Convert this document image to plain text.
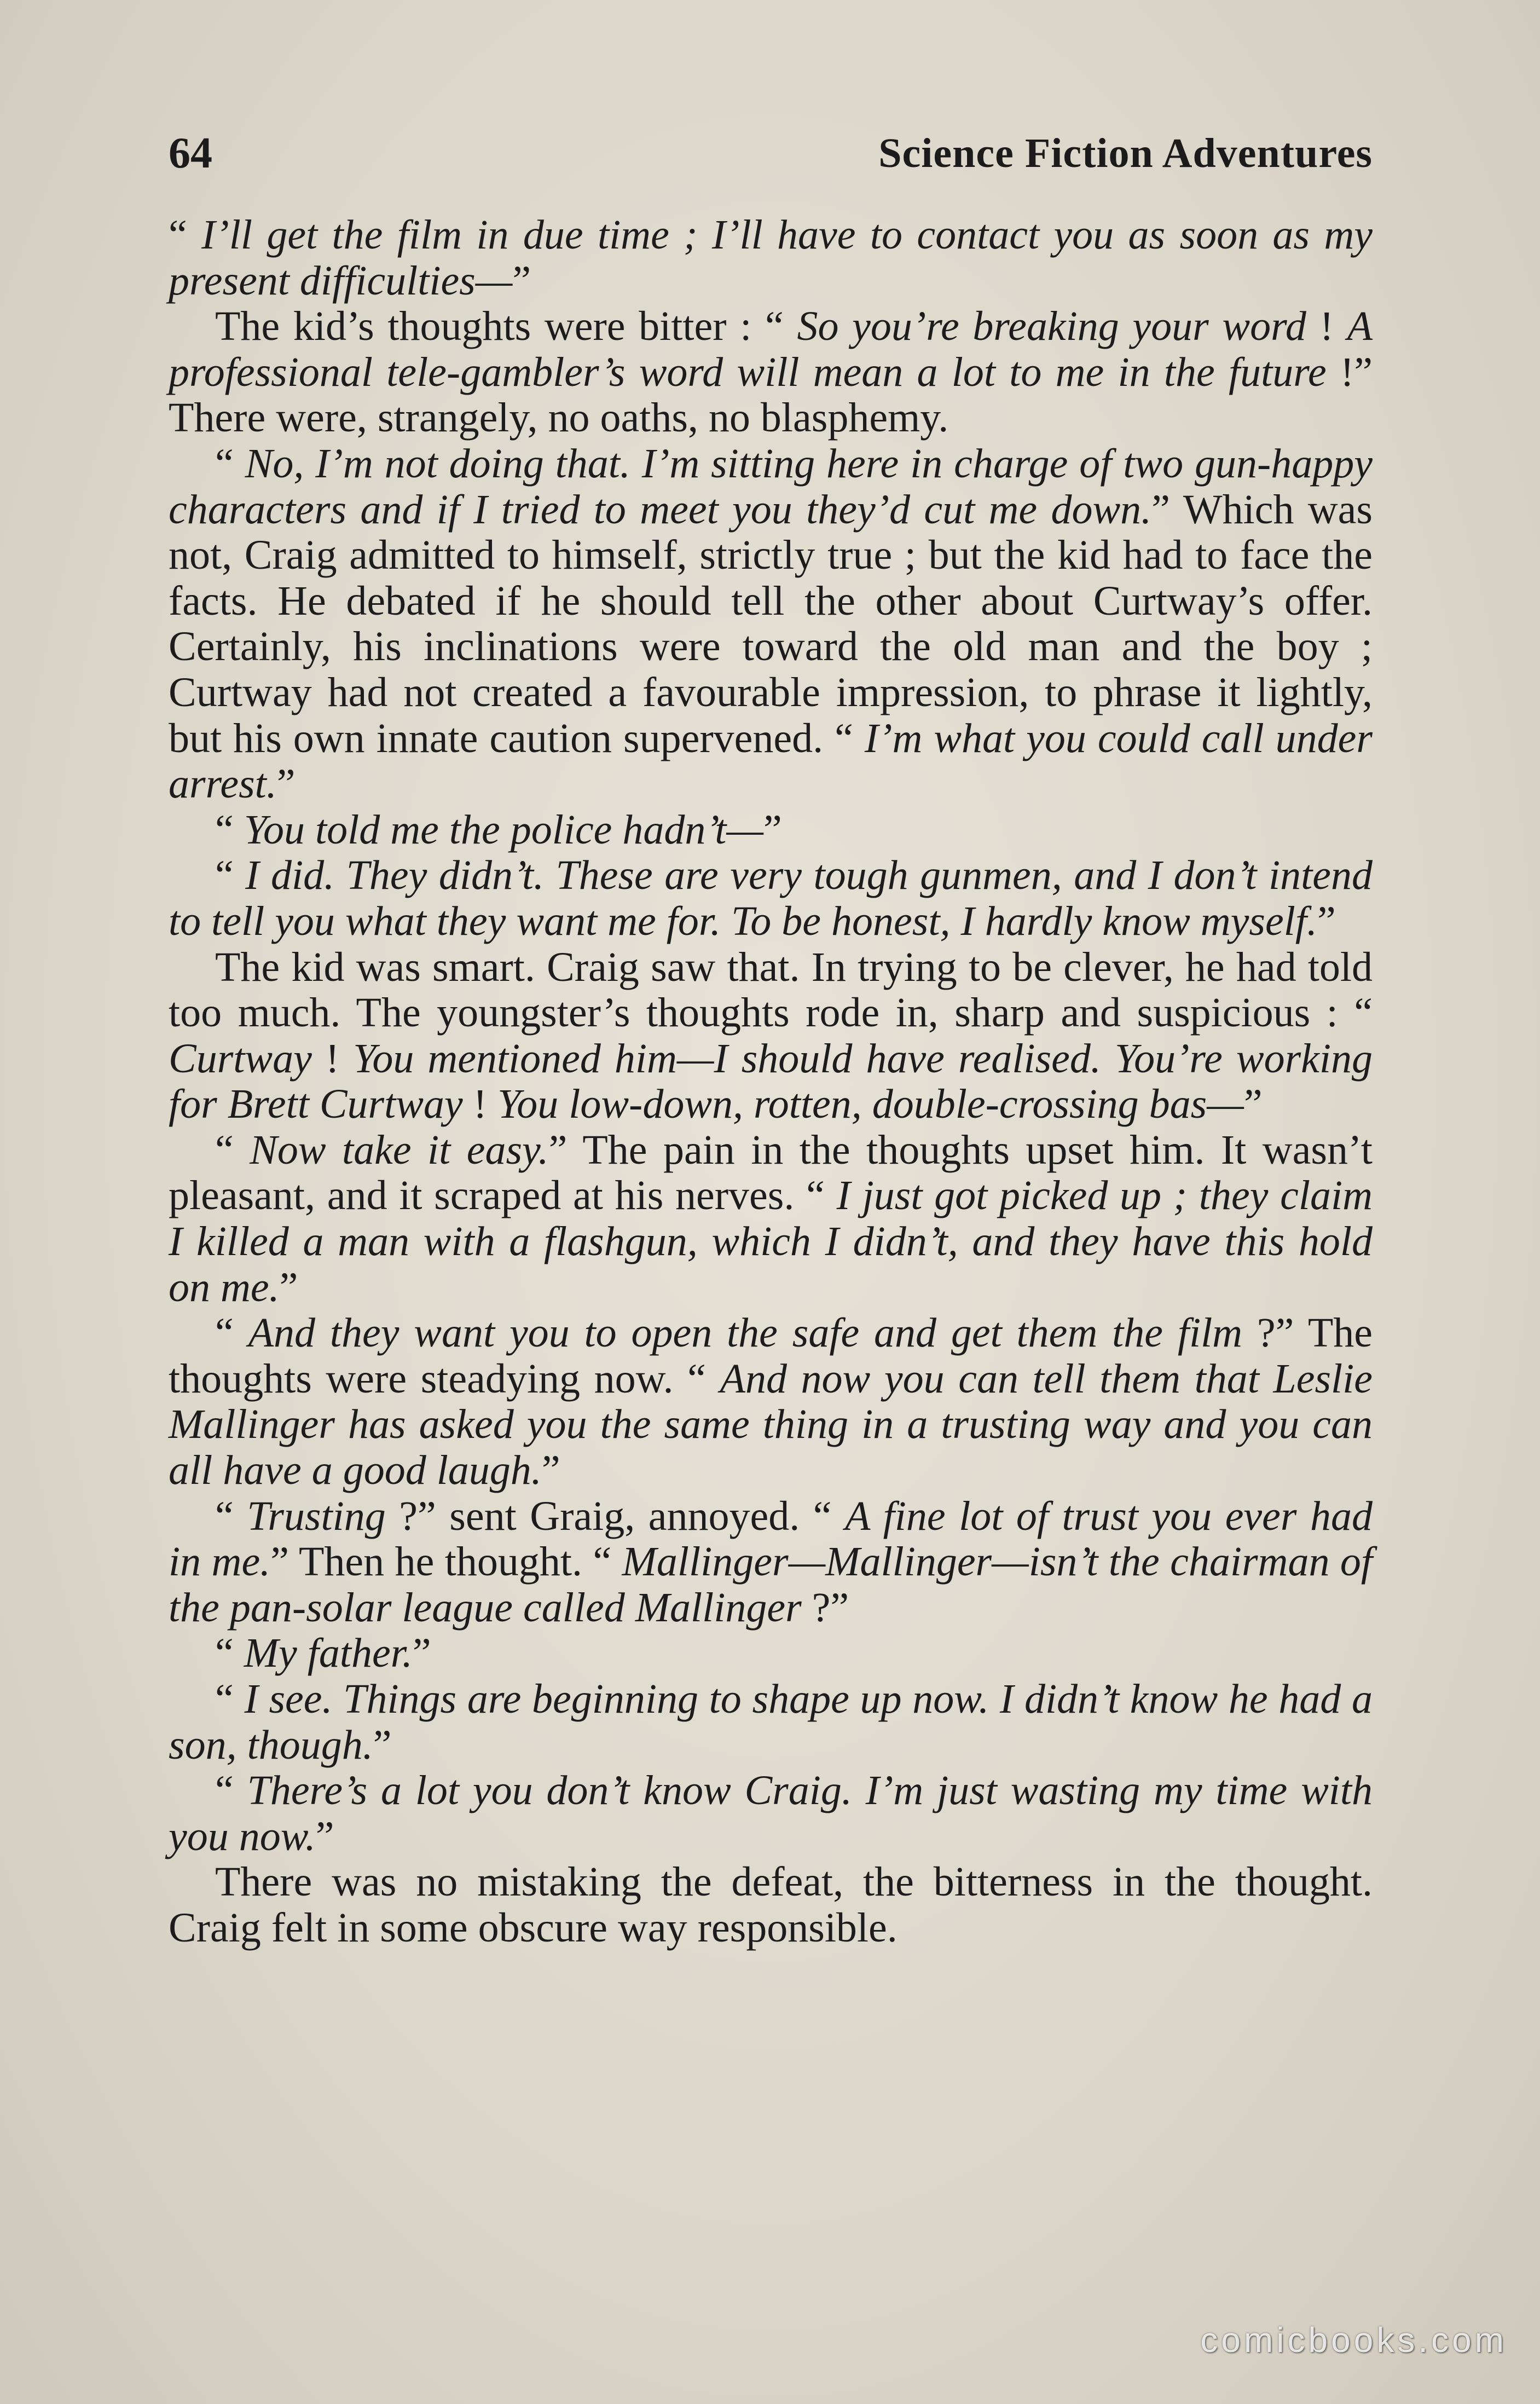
64	Science Fiction Adventures

“ I’ll get the film in due time ; I’ll have to contact you as soon as my present difficulties—”

The kid’s thoughts were bitter : “ So you’re breaking your word ! A professional tele-gambler’s word will mean a lot to me in the future !” There were, strangely, no oaths, no blasphemy.

“ No, I’m not doing that. I’m sitting here in charge of two gun-happy characters and if I tried to meet you they’d cut me down.” Which was not, Craig admitted to himself, strictly true ; but the kid had to face the facts. He debated if he should tell the other about Curtway’s offer. Certainly, his inclinations were toward the old man and the boy ; Curtway had not created a favourable impression, to phrase it lightly, but his own innate caution supervened. “ I’m what you could call under arrest.”

“ You told me the police hadn’t—”

“ I did. They didn’t. These are very tough gunmen, and I don’t intend to tell you what they want me for. To be honest, I hardly know myself.”

The kid was smart. Craig saw that. In trying to be clever, he had told too much. The youngster’s thoughts rode in, sharp and suspicious : “ Curtway ! You mentioned him—I should have realised. You’re working for Brett Curtway ! You low-down, rotten, double-crossing bas—”

“ Now take it easy.” The pain in the thoughts upset him. It wasn’t pleasant, and it scraped at his nerves. “ I just got picked up ; they claim I killed a man with a flashgun, which I didn’t, and they have this hold on me.”

“ And they want you to open the safe and get them the film ?” The thoughts were steadying now. “ And now you can tell them that Leslie Mallinger has asked you the same thing in a trusting way and you can all have a good laugh.”

“ Trusting ?” sent Graig, annoyed. “ A fine lot of trust you ever had in me.” Then he thought. “ Mallinger—Mallinger—isn’t the chairman of the pan-solar league called Mallinger ?”

“ My father.”

“ I see. Things are beginning to shape up now. I didn’t know he had a son, though.”

“ There’s a lot you don’t know Craig. I’m just wasting my time with you now.”

There was no mistaking the defeat, the bitterness in the thought. Craig felt in some obscure way responsible.

comicbooks.com
